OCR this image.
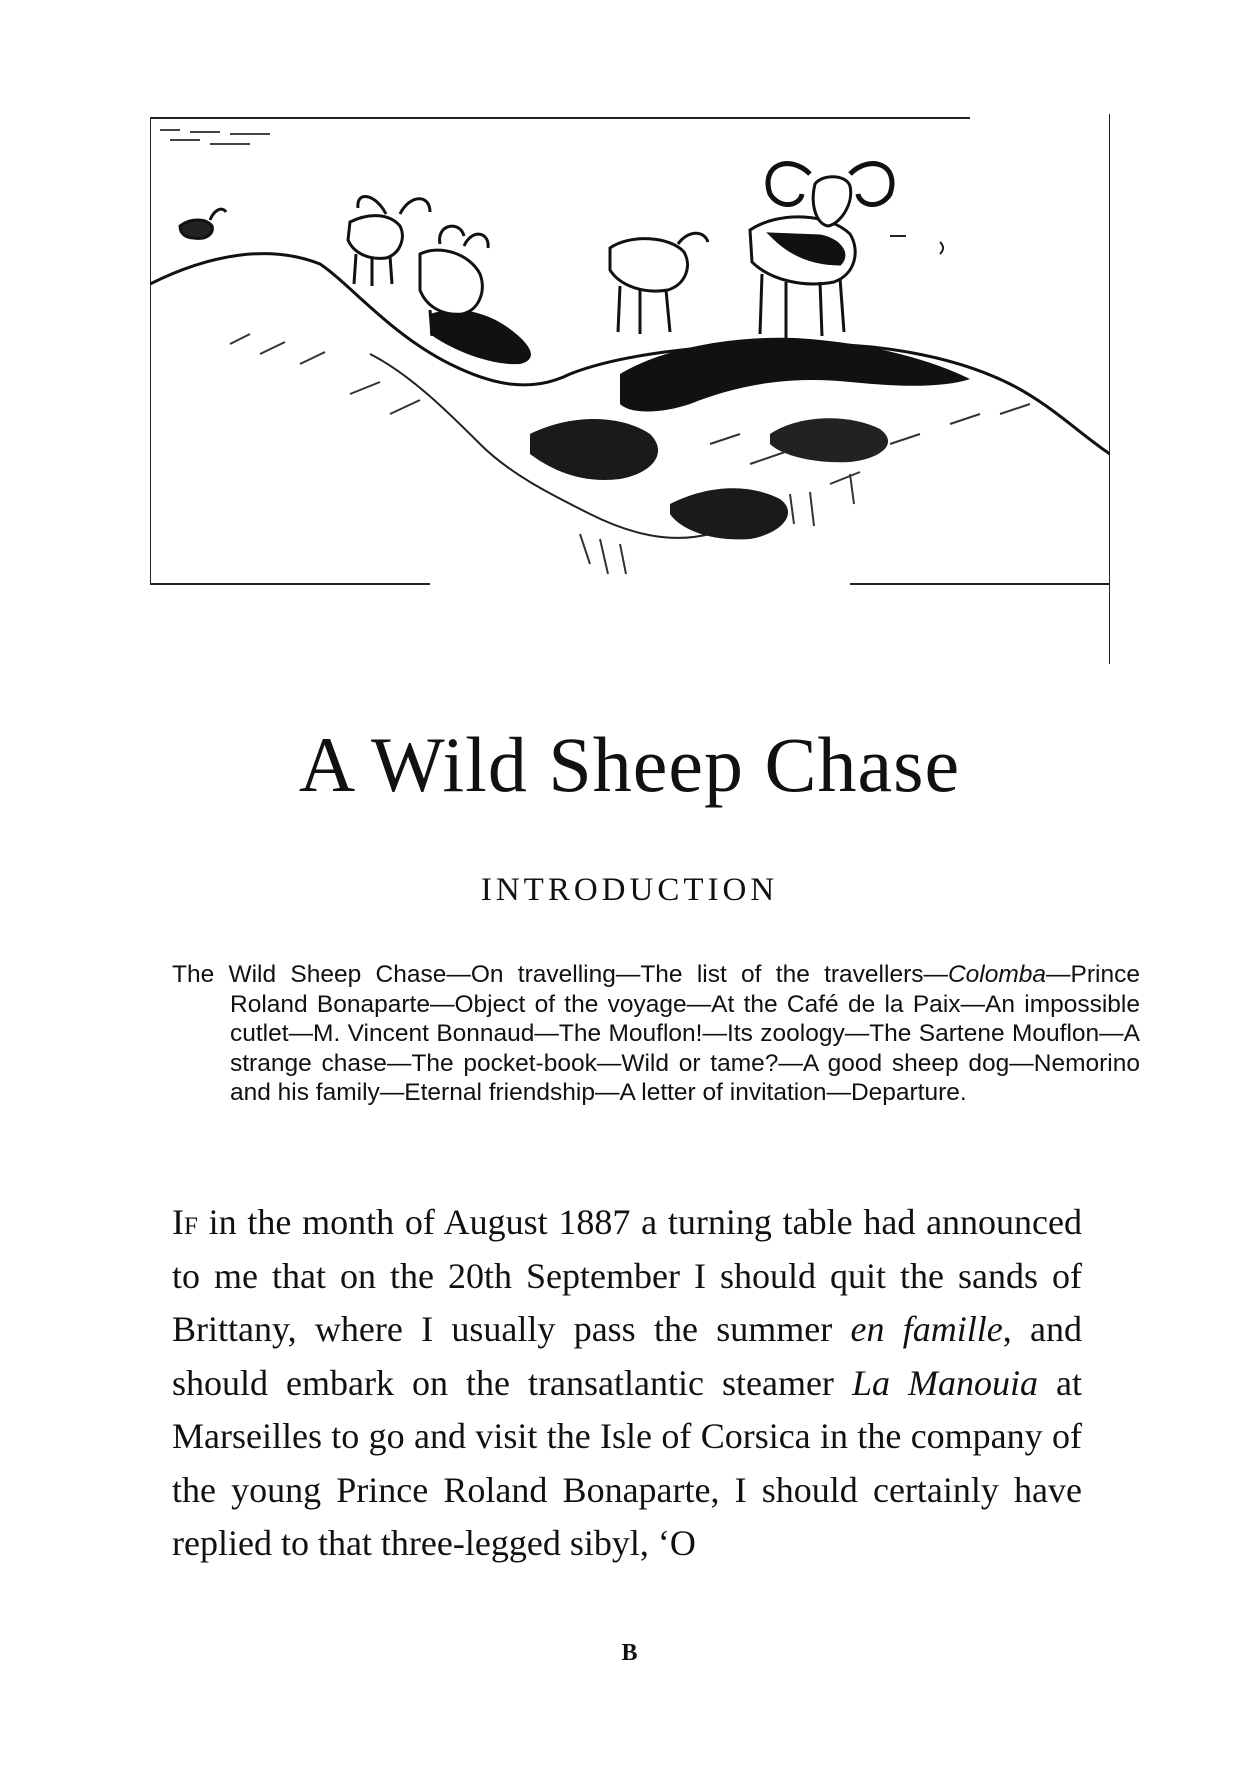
A Wild Sheep Chase
INTRODUCTION

The Wild Sheep Chase—On travelling—The list of the travellers—Colomba—Prince Roland Bonaparte—Object of the voyage—At the Café de la Paix—An impossible cutlet—M. Vincent Bonnaud—The Mouflon!—Its zoology—The Sartene Mouflon—A strange chase—The pocket-book—Wild or tame?—A good sheep dog—Nemorino and his family—Eternal friendship—A letter of invitation—Departure.

If in the month of August 1887 a turning table had announced to me that on the 20th September I should quit the sands of Brittany, where I usually pass the summer en famille, and should embark on the transatlantic steamer La Manouia at Marseilles to go and visit the Isle of Corsica in the company of the young Prince Roland Bonaparte, I should certainly have replied to that three-legged sibyl, ‘O

B
